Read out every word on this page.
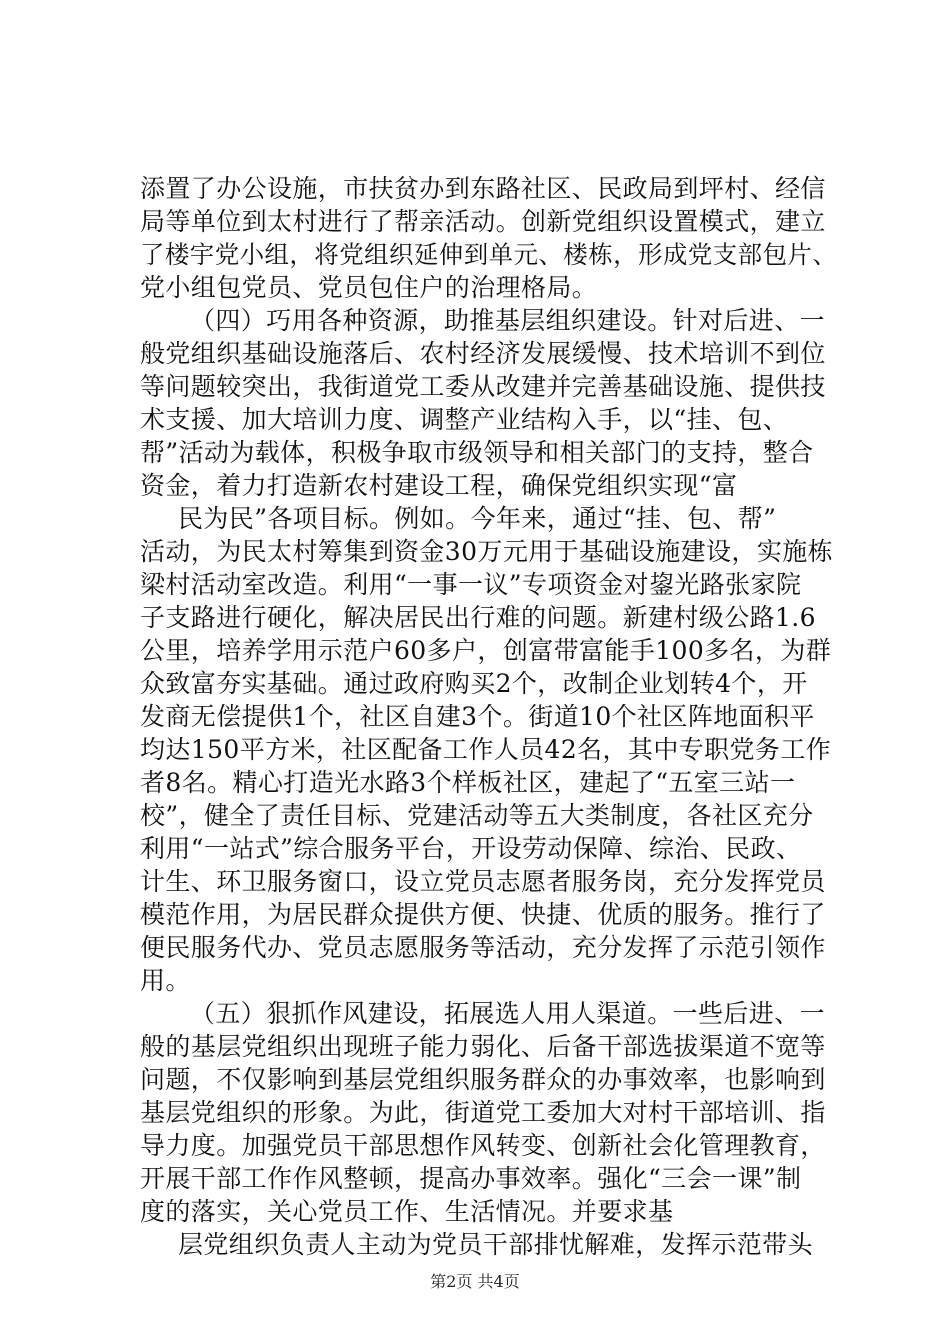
添置了办公设施，市扶贫办到东路社区、民政局到坪村、经信
局等单位到太村进行了帮亲活动。创新党组织设置模式，建立
了楼宇党小组，将党组织延伸到单元、楼栋，形成党支部包片、
党小组包党员、党员包住户的治理格局。
（四）巧用各种资源，助推基层组织建设。针对后进、一
般党组织基础设施落后、农村经济发展缓慢、技术培训不到位
等问题较突出，我街道党工委从改建并完善基础设施、提供技
术支援、加大培训力度、调整产业结构入手，以“挂、包、
帮”活动为载体，积极争取市级领导和相关部门的支持，整合
资金，着力打造新农村建设工程，确保党组织实现“富
民为民”各项目标。例如。今年来，通过“挂、包、帮”
活动，为民太村筹集到资金30万元用于基础设施建设，实施栋
梁村活动室改造。利用“一事一议”专项资金对鋆光路张家院
子支路进行硬化，解决居民出行难的问题。新建村级公路1.6
公里，培养学用示范户60多户，创富带富能手100多名，为群
众致富夯实基础。通过政府购买2个，改制企业划转4个，开
发商无偿提供1个，社区自建3个。街道10个社区阵地面积平
均达150平方米，社区配备工作人员42名，其中专职党务工作
者8名。精心打造光水路3个样板社区，建起了“五室三站一
校”，健全了责任目标、党建活动等五大类制度，各社区充分
利用“一站式”综合服务平台，开设劳动保障、综治、民政、
计生、环卫服务窗口，设立党员志愿者服务岗，充分发挥党员
模范作用，为居民群众提供方便、快捷、优质的服务。推行了
便民服务代办、党员志愿服务等活动，充分发挥了示范引领作
用。
（五）狠抓作风建设，拓展选人用人渠道。一些后进、一
般的基层党组织出现班子能力弱化、后备干部选拔渠道不宽等
问题，不仅影响到基层党组织服务群众的办事效率，也影响到
基层党组织的形象。为此，街道党工委加大对村干部培训、指
导力度。加强党员干部思想作风转变、创新社会化管理教育，
开展干部工作作风整顿，提高办事效率。强化“三会一课”制
度的落实，关心党员工作、生活情况。并要求基
层党组织负责人主动为党员干部排忧解难，发挥示范带头
第2页 共4页
